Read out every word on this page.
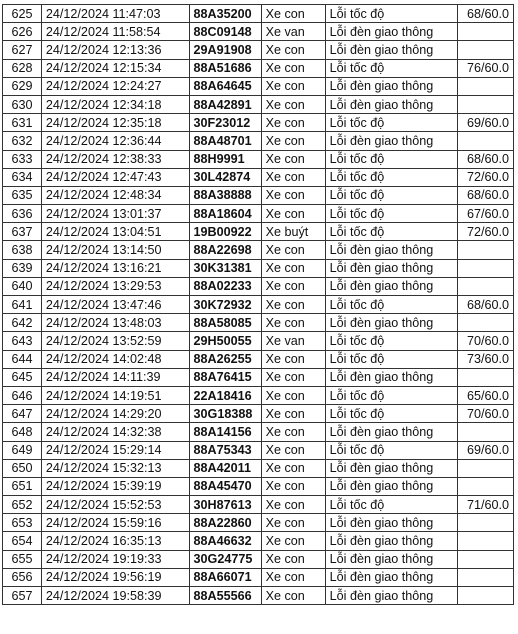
625	24/12/2024 11:47:03	88A35200	Xe con	Lỗi tốc độ	68/60.0
626	24/12/2024 11:58:54	88C09148	Xe van	Lỗi đèn giao thông	
627	24/12/2024 12:13:36	29A91908	Xe con	Lỗi đèn giao thông	
628	24/12/2024 12:15:34	88A51686	Xe con	Lỗi tốc độ	76/60.0
629	24/12/2024 12:24:27	88A64645	Xe con	Lỗi đèn giao thông	
630	24/12/2024 12:34:18	88A42891	Xe con	Lỗi đèn giao thông	
631	24/12/2024 12:35:18	30F23012	Xe con	Lỗi tốc độ	69/60.0
632	24/12/2024 12:36:44	88A48701	Xe con	Lỗi đèn giao thông	
633	24/12/2024 12:38:33	88H9991	Xe con	Lỗi tốc độ	68/60.0
634	24/12/2024 12:47:43	30L42874	Xe con	Lỗi tốc độ	72/60.0
635	24/12/2024 12:48:34	88A38888	Xe con	Lỗi tốc độ	68/60.0
636	24/12/2024 13:01:37	88A18604	Xe con	Lỗi tốc độ	67/60.0
637	24/12/2024 13:04:51	19B00922	Xe buýt	Lỗi tốc độ	72/60.0
638	24/12/2024 13:14:50	88A22698	Xe con	Lỗi đèn giao thông	
639	24/12/2024 13:16:21	30K31381	Xe con	Lỗi đèn giao thông	
640	24/12/2024 13:29:53	88A02233	Xe con	Lỗi đèn giao thông	
641	24/12/2024 13:47:46	30K72932	Xe con	Lỗi tốc độ	68/60.0
642	24/12/2024 13:48:03	88A58085	Xe con	Lỗi đèn giao thông	
643	24/12/2024 13:52:59	29H50055	Xe van	Lỗi tốc độ	70/60.0
644	24/12/2024 14:02:48	88A26255	Xe con	Lỗi tốc độ	73/60.0
645	24/12/2024 14:11:39	88A76415	Xe con	Lỗi đèn giao thông	
646	24/12/2024 14:19:51	22A18416	Xe con	Lỗi tốc độ	65/60.0
647	24/12/2024 14:29:20	30G18388	Xe con	Lỗi tốc độ	70/60.0
648	24/12/2024 14:32:38	88A14156	Xe con	Lỗi đèn giao thông	
649	24/12/2024 15:29:14	88A75343	Xe con	Lỗi tốc độ	69/60.0
650	24/12/2024 15:32:13	88A42011	Xe con	Lỗi đèn giao thông	
651	24/12/2024 15:39:19	88A45470	Xe con	Lỗi đèn giao thông	
652	24/12/2024 15:52:53	30H87613	Xe con	Lỗi tốc độ	71/60.0
653	24/12/2024 15:59:16	88A22860	Xe con	Lỗi đèn giao thông	
654	24/12/2024 16:35:13	88A46632	Xe con	Lỗi đèn giao thông	
655	24/12/2024 19:19:33	30G24775	Xe con	Lỗi đèn giao thông	
656	24/12/2024 19:56:19	88A66071	Xe con	Lỗi đèn giao thông	
657	24/12/2024 19:58:39	88A55566	Xe con	Lỗi đèn giao thông	
